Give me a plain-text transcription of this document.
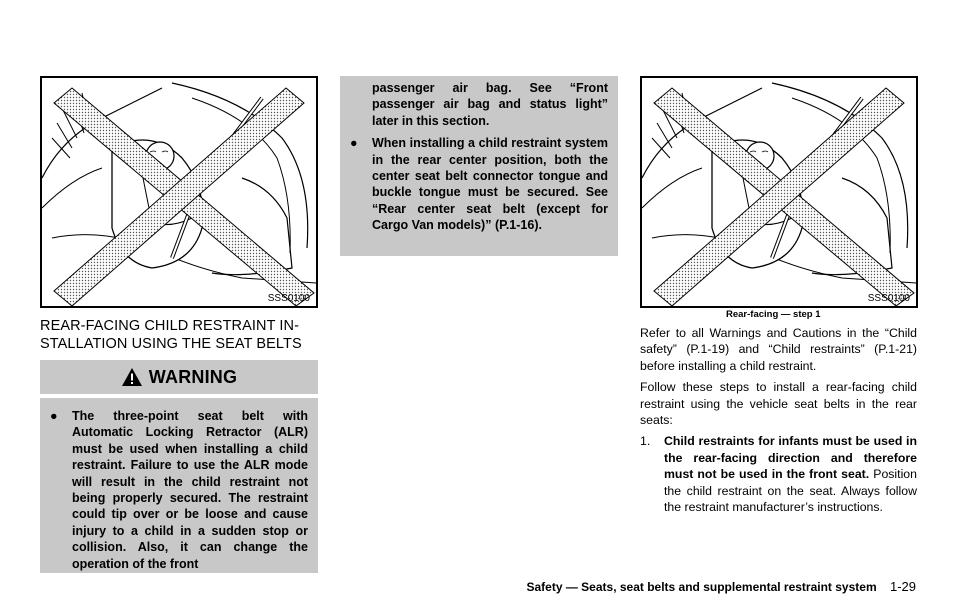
SSS0100
REAR-FACING CHILD RESTRAINT IN-
STALLATION USING THE SEAT BELTS
WARNING
● The three-point seat belt with Automatic Locking Retractor (ALR) must be used when installing a child restraint. Failure to use the ALR mode will result in the child restraint not being properly secured. The restraint could tip over or be loose and cause injury to a child in a sudden stop or collision. Also, it can change the operation of the front
passenger air bag. See “Front passenger air bag and status light” later in this section.
● When installing a child restraint system in the rear center position, both the center seat belt connector tongue and buckle tongue must be secured. See “Rear center seat belt (except for Cargo Van models)” (P.1-16).
SSS0100
Rear-facing — step 1

Refer to all Warnings and Cautions in the “Child safety” (P.1-19) and “Child restraints” (P.1-21) before installing a child restraint.

Follow these steps to install a rear-facing child restraint using the vehicle seat belts in the rear seats:

1. Child restraints for infants must be used in the rear-facing direction and therefore must not be used in the front seat. Position the child restraint on the seat. Always follow the restraint manufacturer’s instructions.
Safety — Seats, seat belts and supplemental restraint system 1-29
